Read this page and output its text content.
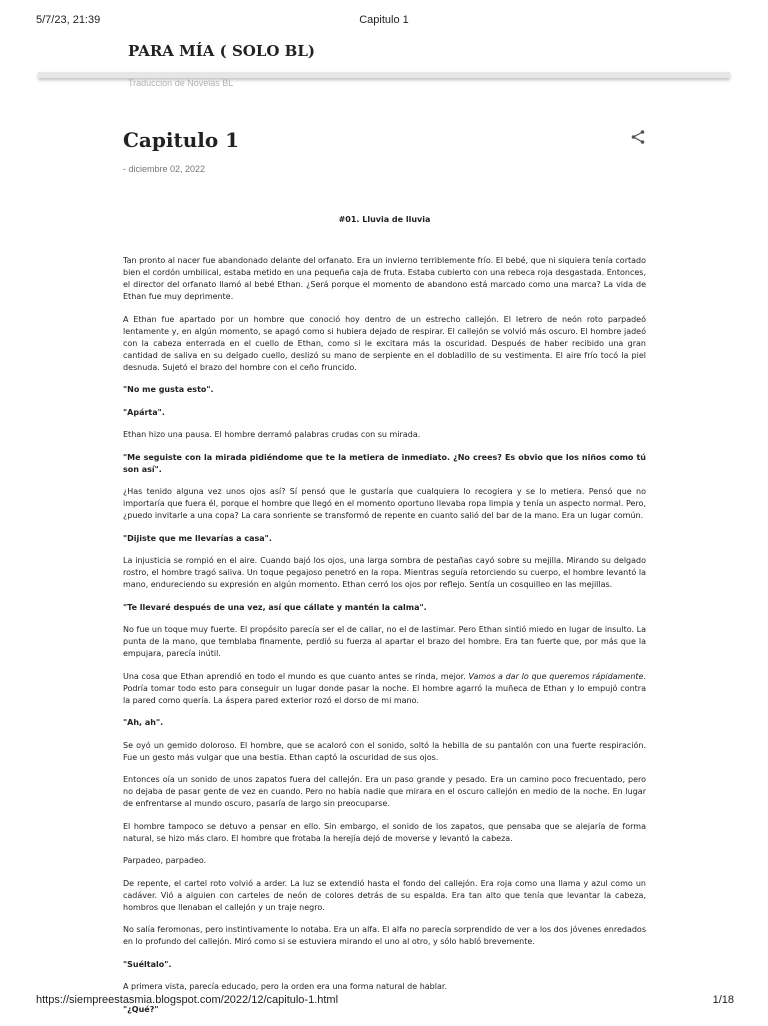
5/7/23, 21:39	Capitulo 1
PARA MÍA ( SOLO BL)
Traduccion de Novelas BL
Capitulo 1
- diciembre 02, 2022
#01. Lluvia de lluvia

Tan pronto al nacer fue abandonado delante del orfanato. Era un invierno terriblemente frío. El bebé, que ni siquiera tenía cortado bien el cordón umbilical, estaba metido en una pequeña caja de fruta. Estaba cubierto con una rebeca roja desgastada. Entonces, el director del orfanato llamó al bebé Ethan. ¿Será porque el momento de abandono está marcado como una marca? La vida de Ethan fue muy deprimente.

A Ethan fue apartado por un hombre que conoció hoy dentro de un estrecho callejón. El letrero de neón roto parpadeó lentamente y, en algún momento, se apagó como si hubiera dejado de respirar. El callejón se volvió más oscuro. El hombre jadeó con la cabeza enterrada en el cuello de Ethan, como si le excitara más la oscuridad. Después de haber recibido una gran cantidad de saliva en su delgado cuello, deslizó su mano de serpiente en el dobladillo de su vestimenta. El aire frío tocó la piel desnuda. Sujetó el brazo del hombre con el ceño fruncido.

"No me gusta esto".

"Apárta".

Ethan hizo una pausa. El hombre derramó palabras crudas con su mirada.

"Me seguiste con la mirada pidiéndome que te la metiera de inmediato. ¿No crees? Es obvio que los niños como tú son así".

¿Has tenido alguna vez unos ojos así? Sí pensó que le gustaría que cualquiera lo recogiera y se lo metiera. Pensó que no importaría que fuera él, porque el hombre que llegó en el momento oportuno llevaba ropa limpia y tenía un aspecto normal. Pero, ¿puedo invitarle a una copa? La cara sonriente se transformó de repente en cuanto salió del bar de la mano. Era un lugar común.

"Dijiste que me llevarías a casa".

La injusticia se rompió en el aire. Cuando bajó los ojos, una larga sombra de pestañas cayó sobre su mejilla. Mirando su delgado rostro, el hombre tragó saliva. Un toque pegajoso penetró en la ropa. Mientras seguía retorciendo su cuerpo, el hombre levantó la mano, endureciendo su expresión en algún momento. Ethan cerró los ojos por reflejo. Sentía un cosquilleo en las mejillas.

"Te llevaré después de una vez, así que cállate y mantén la calma".

No fue un toque muy fuerte. El propósito parecía ser el de callar, no el de lastimar. Pero Ethan sintió miedo en lugar de insulto. La punta de la mano, que temblaba finamente, perdió su fuerza al apartar el brazo del hombre. Era tan fuerte que, por más que la empujara, parecía inútil.

Una cosa que Ethan aprendió en todo el mundo es que cuanto antes se rinda, mejor. Vamos a dar lo que queremos rápidamente. Podría tomar todo esto para conseguir un lugar donde pasar la noche. El hombre agarró la muñeca de Ethan y lo empujó contra la pared como quería. La áspera pared exterior rozó el dorso de mi mano.

"Ah, ah".

Se oyó un gemido doloroso. El hombre, que se acaloró con el sonido, soltó la hebilla de su pantalón con una fuerte respiración. Fue un gesto más vulgar que una bestia. Ethan captó la oscuridad de sus ojos.

Entonces oía un sonido de unos zapatos fuera del callejón. Era un paso grande y pesado. Era un camino poco frecuentado, pero no dejaba de pasar gente de vez en cuando. Pero no había nadie que mirara en el oscuro callejón en medio de la noche. En lugar de enfrentarse al mundo oscuro, pasaría de largo sin preocuparse.

El hombre tampoco se detuvo a pensar en ello. Sin embargo, el sonido de los zapatos, que pensaba que se alejaría de forma natural, se hizo más claro. El hombre que frotaba la herejía dejó de moverse y levantó la cabeza.

Parpadeo, parpadeo.

De repente, el cartel roto volvió a arder. La luz se extendió hasta el fondo del callejón. Era roja como una llama y azul como un cadáver. Vió a alguien con carteles de neón de colores detrás de su espalda. Era tan alto que tenía que levantar la cabeza, hombros que llenaban el callejón y un traje negro.

No salía feromonas, pero instintivamente lo notaba. Era un alfa. El alfa no parecía sorprendido de ver a los dos jóvenes enredados en lo profundo del callejón. Miró como si se estuviera mirando el uno al otro, y sólo habló brevemente.

"Suéltalo".

A primera vista, parecía educado, pero la orden era una forma natural de hablar.

"¿Qué?"

https://siempreestasmia.blogspot.com/2022/12/capitulo-1.html	1/18
